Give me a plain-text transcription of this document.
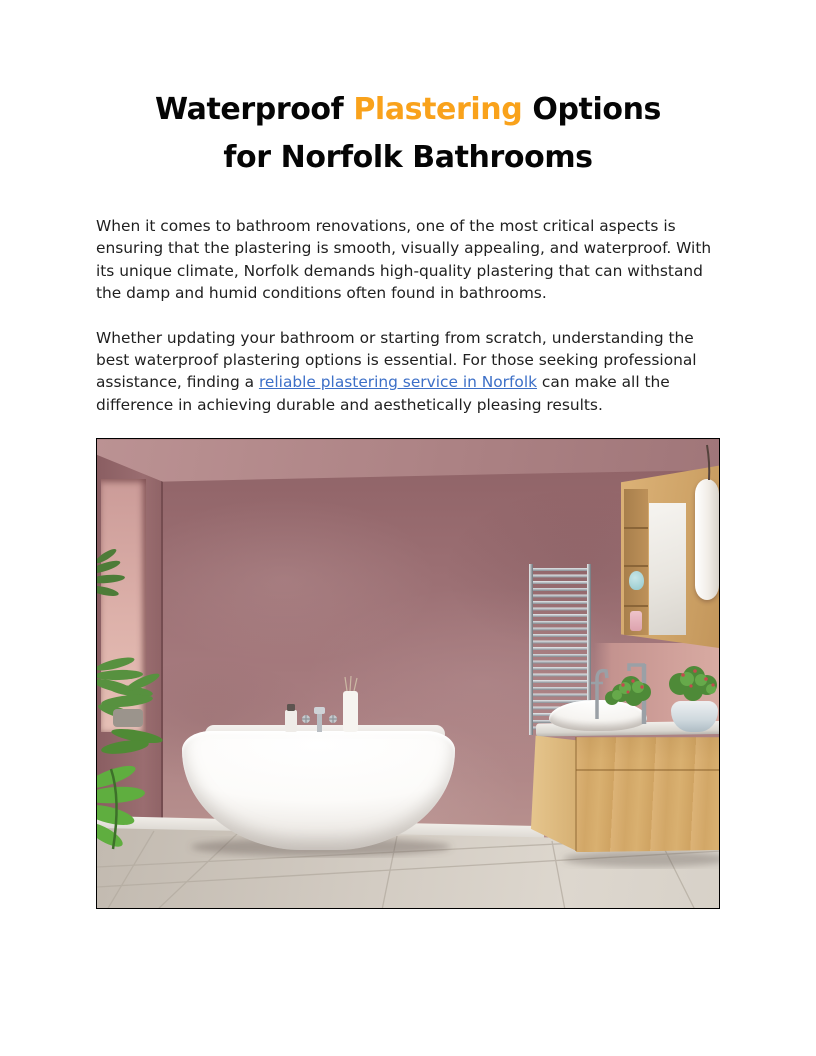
Waterproof Plastering Options
for Norfolk Bathrooms

When it comes to bathroom renovations, one of the most critical aspects is ensuring that the plastering is smooth, visually appealing, and waterproof. With its unique climate, Norfolk demands high-quality plastering that can withstand the damp and humid conditions often found in bathrooms.

Whether updating your bathroom or starting from scratch, understanding the best waterproof plastering options is essential. For those seeking professional assistance, finding a reliable plastering service in Norfolk can make all the difference in achieving durable and aesthetically pleasing results.
